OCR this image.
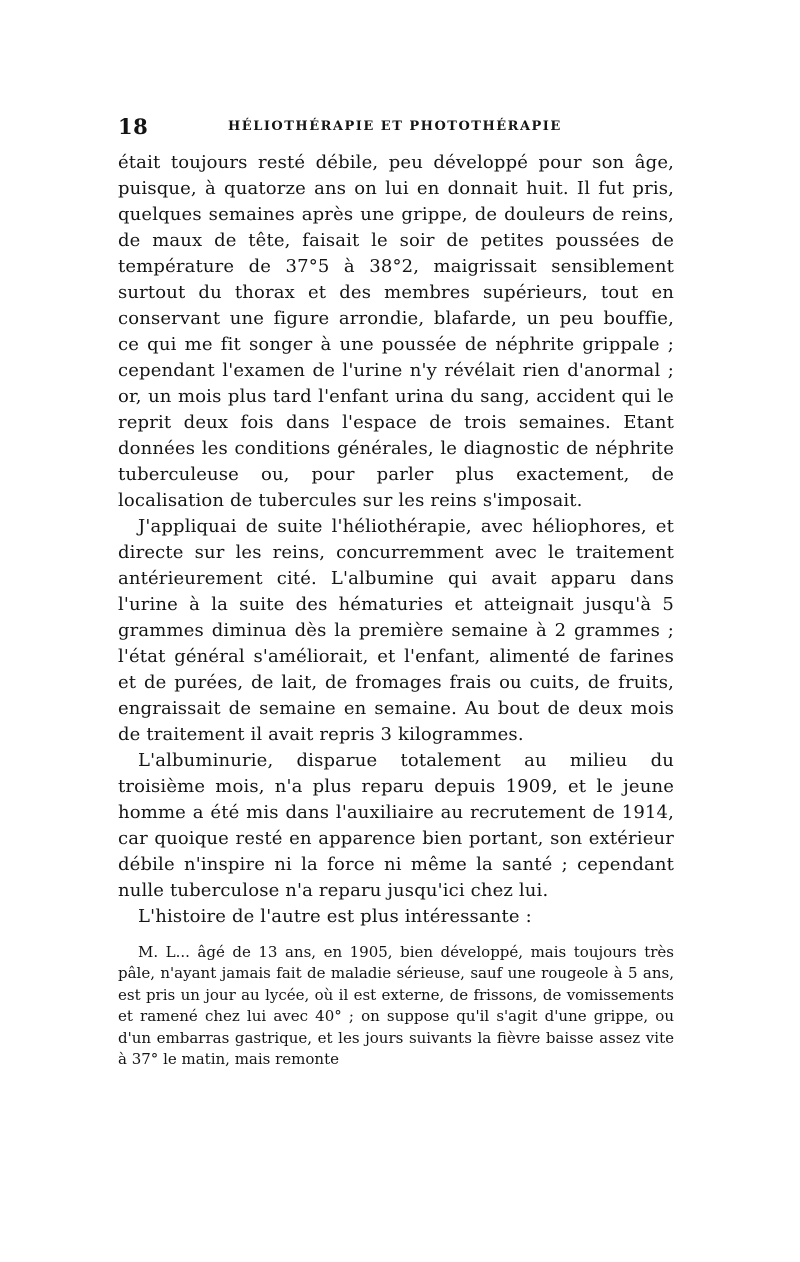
18	HÉLIOTHÉRAPIE ET PHOTOTHÉRAPIE

était toujours resté débile, peu développé pour son âge, puisque, à quatorze ans on lui en donnait huit. Il fut pris, quelques semaines après une grippe, de douleurs de reins, de maux de tête, faisait le soir de petites poussées de température de 37°5 à 38°2, maigrissait sensiblement surtout du thorax et des membres supérieurs, tout en conservant une figure arrondie, blafarde, un peu bouffie, ce qui me fit songer à une poussée de néphrite grippale ; cependant l'examen de l'urine n'y révélait rien d'anormal ; or, un mois plus tard l'enfant urina du sang, accident qui le reprit deux fois dans l'espace de trois semaines. Etant données les conditions générales, le diagnostic de néphrite tuberculeuse ou, pour parler plus exactement, de localisation de tubercules sur les reins s'imposait.

J'appliquai de suite l'héliothérapie, avec héliophores, et directe sur les reins, concurremment avec le traitement antérieurement cité. L'albumine qui avait apparu dans l'urine à la suite des hématuries et atteignait jusqu'à 5 grammes diminua dès la première semaine à 2 grammes ; l'état général s'améliorait, et l'enfant, alimenté de farines et de purées, de lait, de fromages frais ou cuits, de fruits, engraissait de semaine en semaine. Au bout de deux mois de traitement il avait repris 3 kilogrammes.

L'albuminurie, disparue totalement au milieu du troisième mois, n'a plus reparu depuis 1909, et le jeune homme a été mis dans l'auxiliaire au recrutement de 1914, car quoique resté en apparence bien portant, son extérieur débile n'inspire ni la force ni même la santé ; cependant nulle tuberculose n'a reparu jusqu'ici chez lui.

L'histoire de l'autre est plus intéressante :

M. L... âgé de 13 ans, en 1905, bien développé, mais toujours très pâle, n'ayant jamais fait de maladie sérieuse, sauf une rougeole à 5 ans, est pris un jour au lycée, où il est externe, de frissons, de vomissements et ramené chez lui avec 40° ; on suppose qu'il s'agit d'une grippe, ou d'un embarras gastrique, et les jours suivants la fièvre baisse assez vite à 37° le matin, mais remonte
